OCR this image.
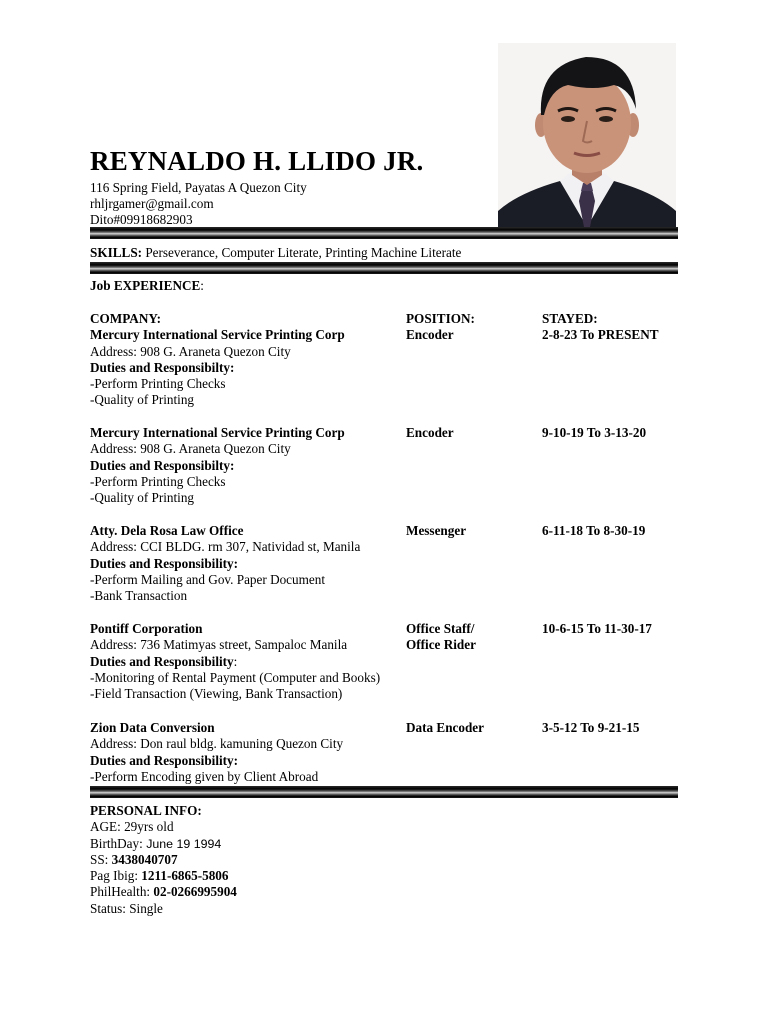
REYNALDO H. LLIDO JR.
116 Spring Field, Payatas A Quezon City
rhljrgamer@gmail.com
Dito#09918682903
SKILLS: Perseverance, Computer Literate, Printing Machine Literate
Job EXPERIENCE:
COMPANY:	POSITION:	STAYED:
Mercury International Service Printing Corp	Encoder	2-8-23 To PRESENT
Address: 908 G. Araneta Quezon City
Duties and Responsibilty:
-Perform Printing Checks
-Quality of Printing
Mercury International Service Printing Corp	Encoder	9-10-19 To 3-13-20
Address: 908 G. Araneta Quezon City
Duties and Responsibilty:
-Perform Printing Checks
-Quality of Printing
Atty. Dela Rosa Law Office	Messenger	6-11-18 To 8-30-19
Address: CCI BLDG. rm 307, Natividad st, Manila
Duties and Responsibility:
-Perform Mailing and Gov. Paper Document
-Bank Transaction
Pontiff Corporation	Office Staff/	10-6-15 To 11-30-17
Address: 736 Matimyas street, Sampaloc Manila	Office Rider
Duties and Responsibility:
-Monitoring of Rental Payment (Computer and Books)
-Field Transaction (Viewing, Bank Transaction)
Zion Data Conversion	Data Encoder	3-5-12 To 9-21-15
Address: Don raul bldg. kamuning Quezon City
Duties and Responsibility:
-Perform Encoding given by Client Abroad
PERSONAL INFO:
AGE: 29yrs old
BirthDay: June 19 1994
SS: 3438040707
Pag Ibig: 1211-6865-5806
PhilHealth: 02-0266995904
Status: Single
